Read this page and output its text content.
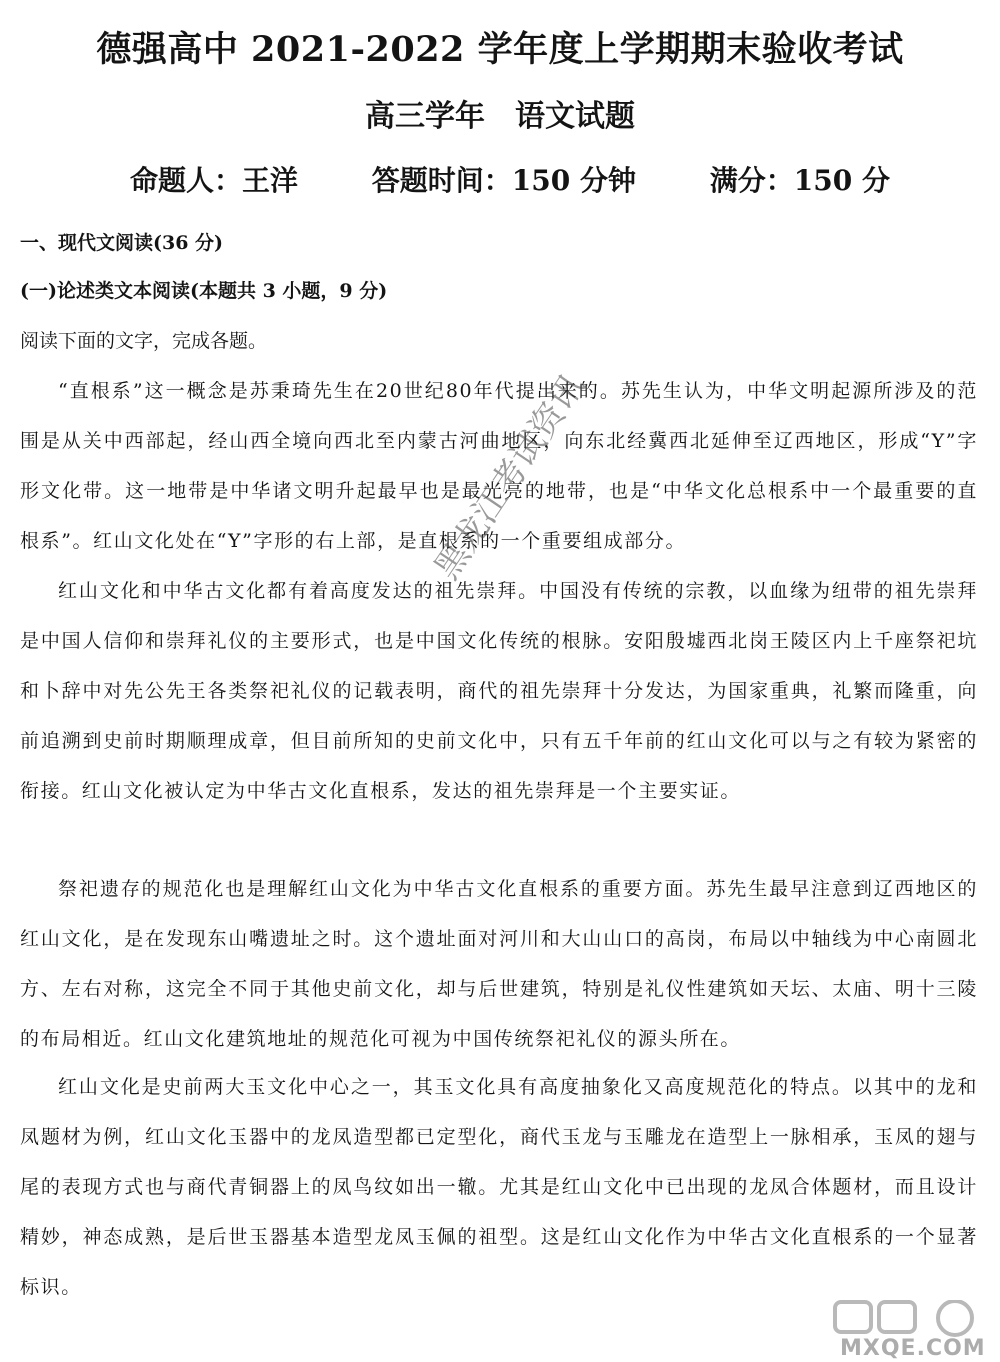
德强高中 2021-2022 学年度上学期期末验收考试
高三学年　语文试题
命题人：王洋	答题时间：150 分钟	满分：150 分
一、现代文阅读(36 分)
(一)论述类文本阅读(本题共 3 小题，9 分)
阅读下面的文字，完成各题。

“直根系”这一概念是苏秉琦先生在20世纪80年代提出来的。苏先生认为，中华文明起源所涉及的范围是从关中西部起，经山西全境向西北至内蒙古河曲地区，向东北经冀西北延伸至辽西地区，形成“Y”字形文化带。这一地带是中华诸文明升起最早也是最光亮的地带，也是“中华文化总根系中一个最重要的直根系”。红山文化处在“Y”字形的右上部，是直根系的一个重要组成部分。

红山文化和中华古文化都有着高度发达的祖先崇拜。中国没有传统的宗教，以血缘为纽带的祖先崇拜是中国人信仰和崇拜礼仪的主要形式，也是中国文化传统的根脉。安阳殷墟西北岗王陵区内上千座祭祀坑和卜辞中对先公先王各类祭祀礼仪的记载表明，商代的祖先崇拜十分发达，为国家重典，礼繁而隆重，向前追溯到史前时期顺理成章，但目前所知的史前文化中，只有五千年前的红山文化可以与之有较为紧密的衔接。红山文化被认定为中华古文化直根系，发达的祖先崇拜是一个主要实证。

祭祀遗存的规范化也是理解红山文化为中华古文化直根系的重要方面。苏先生最早注意到辽西地区的红山文化，是在发现东山嘴遗址之时。这个遗址面对河川和大山山口的高岗，布局以中轴线为中心南圆北方、左右对称，这完全不同于其他史前文化，却与后世建筑，特别是礼仪性建筑如天坛、太庙、明十三陵的布局相近。红山文化建筑地址的规范化可视为中国传统祭祀礼仪的源头所在。

红山文化是史前两大玉文化中心之一，其玉文化具有高度抽象化又高度规范化的特点。以其中的龙和凤题材为例，红山文化玉器中的龙凤造型都已定型化，商代玉龙与玉雕龙在造型上一脉相承，玉凤的翅与尾的表现方式也与商代青铜器上的凤鸟纹如出一辙。尤其是红山文化中已出现的龙凤合体题材，而且设计精妙，神态成熟，是后世玉器基本造型龙凤玉佩的祖型。这是红山文化作为中华古文化直根系的一个显著标识。

黑龙江考试资讯
MXQE.COM
